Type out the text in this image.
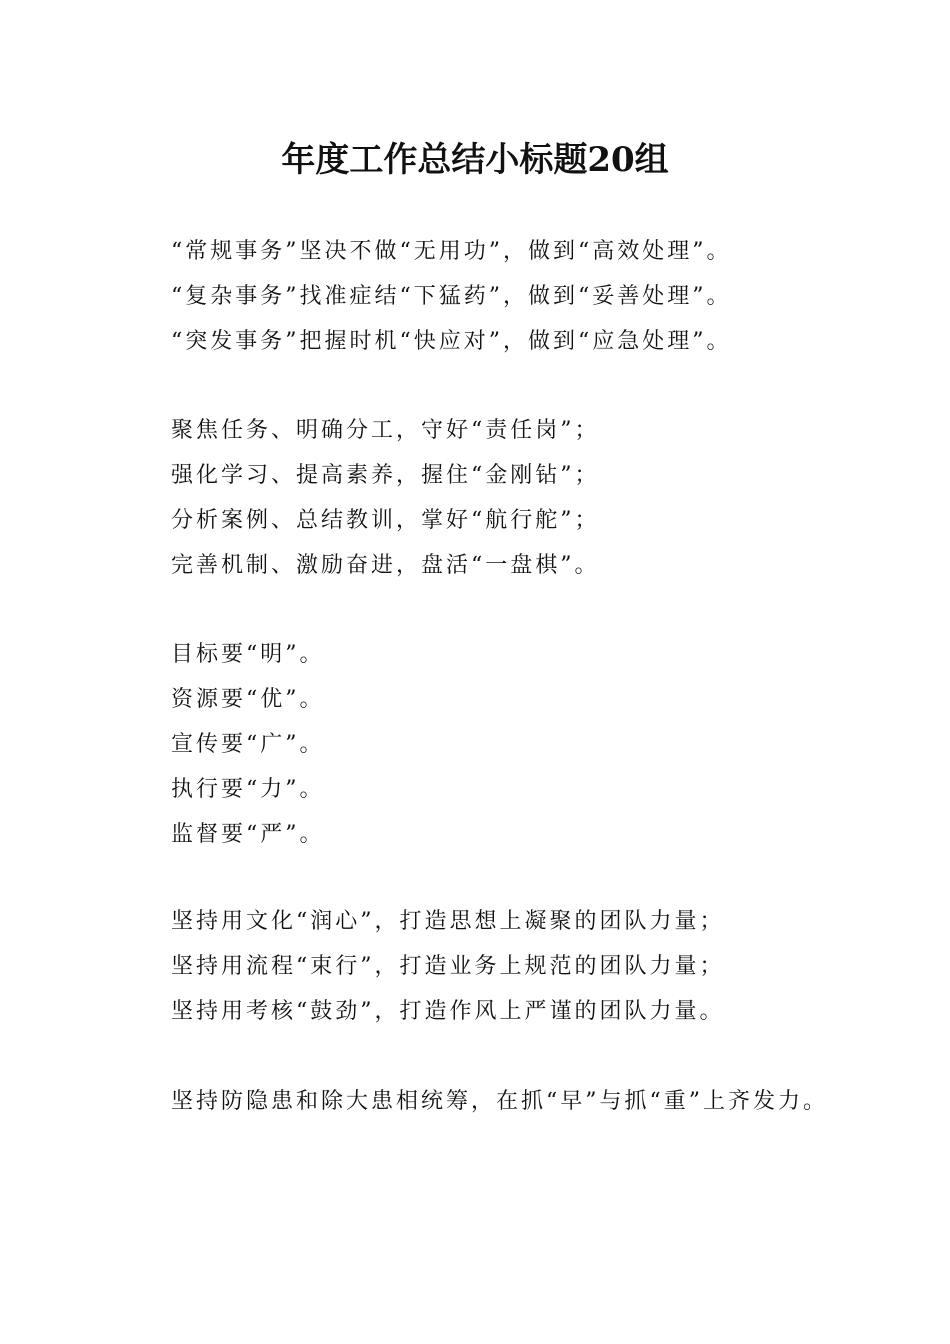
年度工作总结小标题20组
“常规事务”坚决不做“无用功”，做到“高效处理”。
“复杂事务”找准症结“下猛药”，做到“妥善处理”。
“突发事务”把握时机“快应对”，做到“应急处理”。
聚焦任务、明确分工，守好“责任岗”；
强化学习、提高素养，握住“金刚钻”；
分析案例、总结教训，掌好“航行舵”；
完善机制、激励奋进，盘活“一盘棋”。
目标要“明”。
资源要“优”。
宣传要“广”。
执行要“力”。
监督要“严”。
坚持用文化“润心”，打造思想上凝聚的团队力量；
坚持用流程“束行”，打造业务上规范的团队力量；
坚持用考核“鼓劲”，打造作风上严谨的团队力量。
坚持防隐患和除大患相统筹，在抓“早”与抓“重”上齐发力。
